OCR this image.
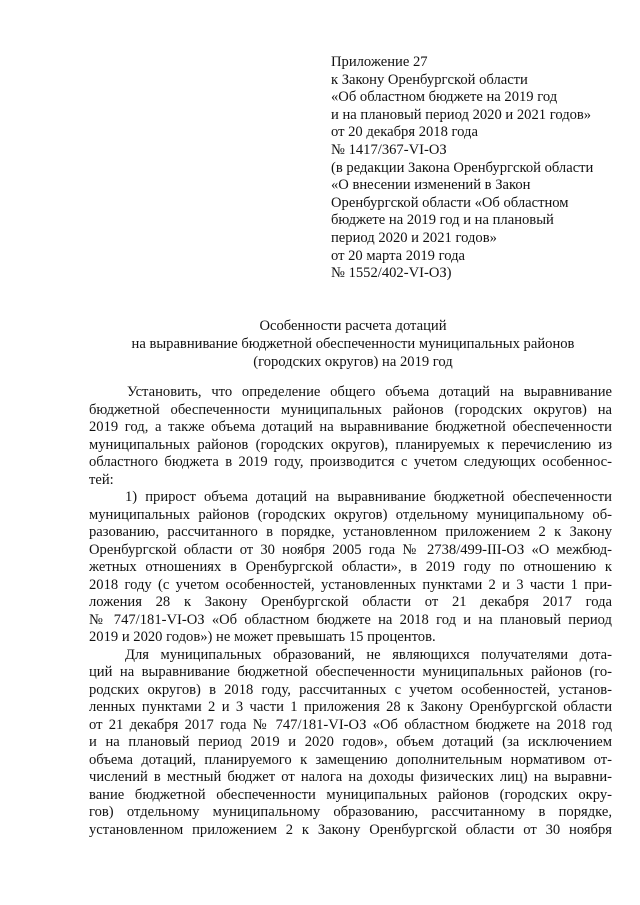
Приложение 27
к Закону Оренбургской области
«Об областном бюджете на 2019 год
и на плановый период 2020 и 2021 годов»
от 20 декабря 2018 года
№ 1417/367-VI-ОЗ
(в редакции Закона Оренбургской области
«О внесении изменений в Закон
Оренбургской области «Об областном
бюджете на 2019 год и на плановый
период 2020 и 2021 годов»
от 20 марта 2019 года
№ 1552/402-VI-ОЗ)
Особенности расчета дотаций
на выравнивание бюджетной обеспеченности муниципальных районов
(городских округов) на 2019 год
Установить, что определение общего объема дотаций на выравнивание
бюджетной обеспеченности муниципальных районов (городских округов) на
2019 год, а также объема дотаций на выравнивание бюджетной обеспеченности
муниципальных районов (городских округов), планируемых к перечислению из
областного бюджета в 2019 году, производится с учетом следующих особеннос-
тей:
1) прирост объема дотаций на выравнивание бюджетной обеспеченности
муниципальных районов (городских округов) отдельному муниципальному об-
разованию, рассчитанного в порядке, установленном приложением 2 к Закону
Оренбургской области от 30 ноября 2005 года № 2738/499-III-ОЗ «О межбюд-
жетных отношениях в Оренбургской области», в 2019 году по отношению к
2018 году (с учетом особенностей, установленных пунктами 2 и 3 части 1 при-
ложения 28 к Закону Оренбургской области от 21 декабря 2017 года
№ 747/181-VI-ОЗ «Об областном бюджете на 2018 год и на плановый период
2019 и 2020 годов») не может превышать 15 процентов.
Для муниципальных образований, не являющихся получателями дота-
ций на выравнивание бюджетной обеспеченности муниципальных районов (го-
родских округов) в 2018 году, рассчитанных с учетом особенностей, установ-
ленных пунктами 2 и 3 части 1 приложения 28 к Закону Оренбургской области
от 21 декабря 2017 года № 747/181-VI-ОЗ «Об областном бюджете на 2018 год
и на плановый период 2019 и 2020 годов», объем дотаций (за исключением
объема дотаций, планируемого к замещению дополнительным нормативом от-
числений в местный бюджет от налога на доходы физических лиц) на выравни-
вание бюджетной обеспеченности муниципальных районов (городских окру-
гов) отдельному муниципальному образованию, рассчитанному в порядке,
установленном приложением 2 к Закону Оренбургской области от 30 ноября
